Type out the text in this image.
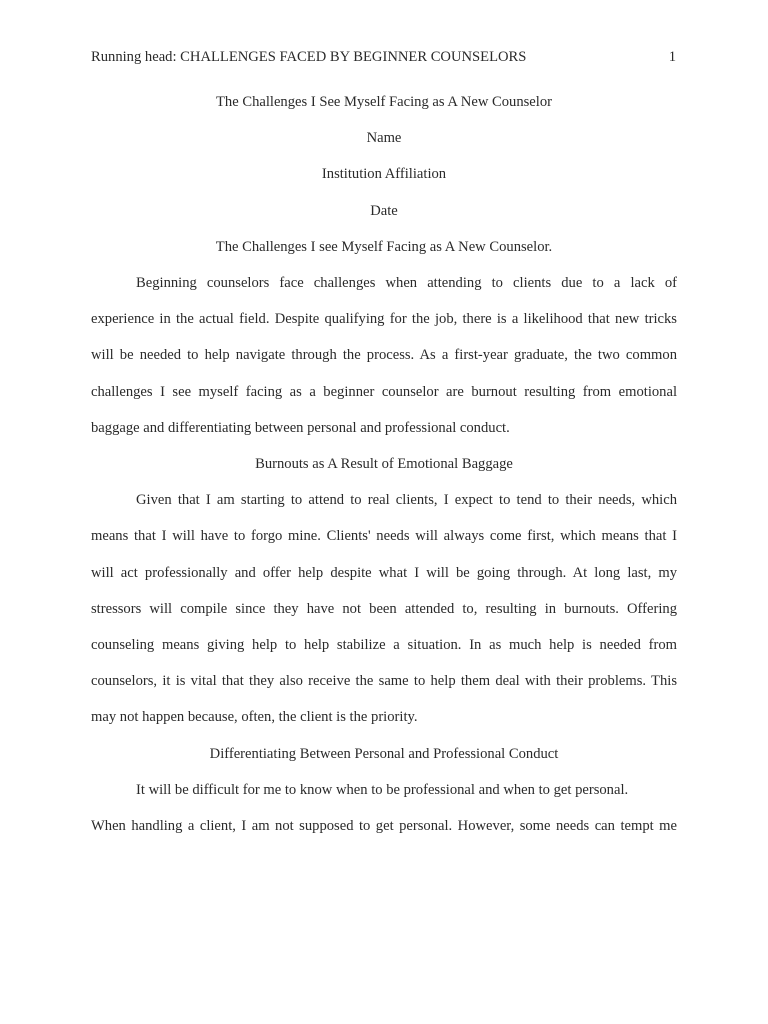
Running head: CHALLENGES FACED BY BEGINNER COUNSELORS	1

The Challenges I See Myself Facing as A New Counselor

Name

Institution Affiliation

Date

The Challenges I see Myself Facing as A New Counselor.

Beginning counselors face challenges when attending to clients due to a lack of
experience in the actual field. Despite qualifying for the job, there is a likelihood that new tricks
will be needed to help navigate through the process. As a first-year graduate, the two common
challenges I see myself facing as a beginner counselor are burnout resulting from emotional
baggage and differentiating between personal and professional conduct.

Burnouts as A Result of Emotional Baggage

Given that I am starting to attend to real clients, I expect to tend to their needs, which
means that I will have to forgo mine. Clients' needs will always come first, which means that I
will act professionally and offer help despite what I will be going through. At long last, my
stressors will compile since they have not been attended to, resulting in burnouts. Offering
counseling means giving help to help stabilize a situation. In as much help is needed from
counselors, it is vital that they also receive the same to help them deal with their problems. This
may not happen because, often, the client is the priority.

Differentiating Between Personal and Professional Conduct

It will be difficult for me to know when to be professional and when to get personal.
When handling a client, I am not supposed to get personal. However, some needs can tempt me
